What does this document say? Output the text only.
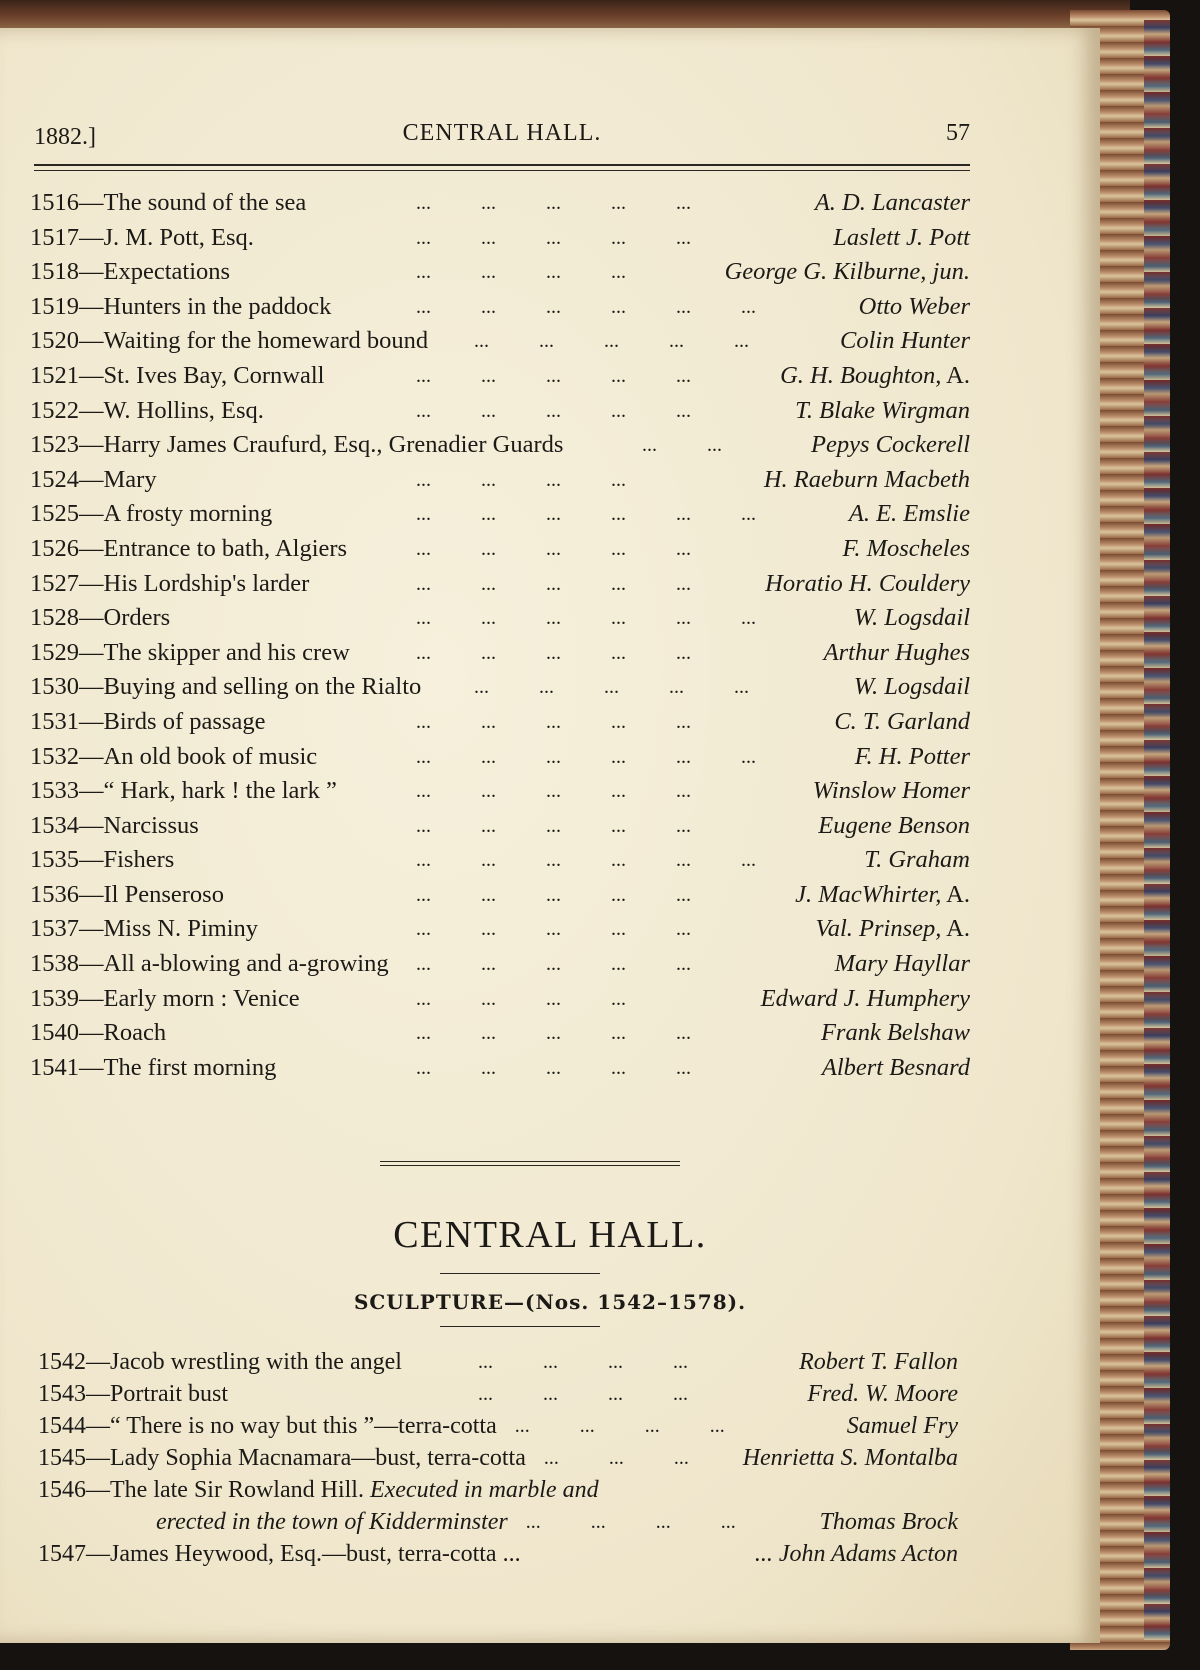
1882.]	CENTRAL HALL.	57
1516—The sound of the sea	A. D. Lancaster
...   ...   ...   ...   ...
1517—J. M. Pott, Esq.	Laslett J. Pott
...   ...   ...   ...   ...
1518—Expectations	George G. Kilburne, jun.
...   ...   ...   ...
1519—Hunters in the paddock	Otto Weber
...   ...   ...   ...   ...   ...
1520—Waiting for the homeward bound	Colin Hunter
...   ...   ...   ...   ...
1521—St. Ives Bay, Cornwall	G. H. Boughton, A.
...   ...   ...   ...   ...
1522—W. Hollins, Esq.	T. Blake Wirgman
...   ...   ...   ...   ...
1523—Harry James Craufurd, Esq., Grenadier Guards	Pepys Cockerell
...   ...
1524—Mary	H. Raeburn Macbeth
...   ...   ...   ...
1525—A frosty morning	A. E. Emslie
...   ...   ...   ...   ...   ...
1526—Entrance to bath, Algiers	F. Moscheles
...   ...   ...   ...   ...
1527—His Lordship's larder	Horatio H. Couldery
...   ...   ...   ...   ...
1528—Orders	W. Logsdail
...   ...   ...   ...   ...   ...
1529—The skipper and his crew	Arthur Hughes
...   ...   ...   ...   ...
1530—Buying and selling on the Rialto	W. Logsdail
...   ...   ...   ...   ...
1531—Birds of passage	C. T. Garland
...   ...   ...   ...   ...
1532—An old book of music	F. H. Potter
...   ...   ...   ...   ...   ...
1533—“ Hark, hark ! the lark ”	Winslow Homer
...   ...   ...   ...   ...
1534—Narcissus	Eugene Benson
...   ...   ...   ...   ...
1535—Fishers	T. Graham
...   ...   ...   ...   ...   ...
1536—Il Penseroso	J. MacWhirter, A.
...   ...   ...   ...   ...
1537—Miss N. Piminy	Val. Prinsep, A.
...   ...   ...   ...   ...
1538—All a-blowing and a-growing	Mary Hayllar
...   ...   ...   ...   ...
1539—Early morn : Venice	Edward J. Humphery
...   ...   ...   ...
1540—Roach	Frank Belshaw
...   ...   ...   ...   ...
1541—The first morning	Albert Besnard
...   ...   ...   ...   ...
CENTRAL HALL.
SCULPTURE—(Nos. 1542–1578).
1542—Jacob wrestling with the angel	Robert T. Fallon
...   ...   ...   ...
1543—Portrait bust	Fred. W. Moore
...   ...   ...   ...
1544—“ There is no way but this ”—terra-cotta	Samuel Fry
...   ...   ...   ...
1545—Lady Sophia Macnamara—bust, terra-cotta	Henrietta S. Montalba
...   ...   ...
1546—The late Sir Rowland Hill. Executed in marble and
erected in the town of Kidderminster	Thomas Brock
...   ...   ...   ...
1547—James Heywood, Esq.—bust, terra-cotta ...	... John Adams Acton
